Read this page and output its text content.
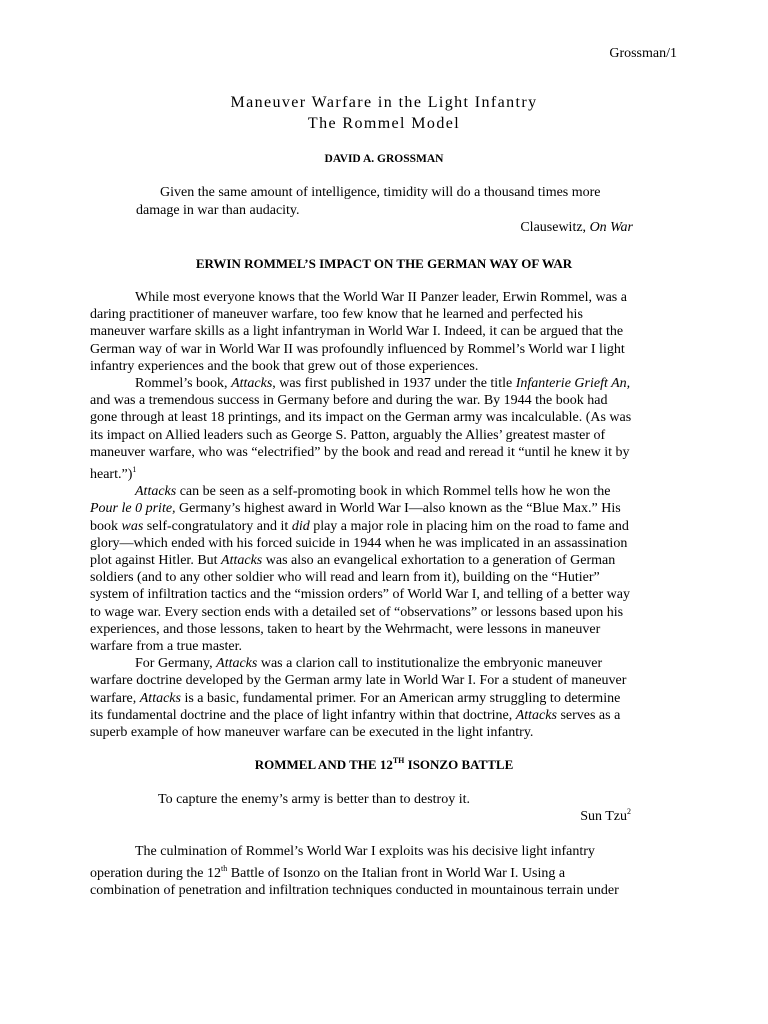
Grossman/1
Maneuver Warfare in the Light Infantry
The Rommel Model
DAVID A. GROSSMAN
Given the same amount of intelligence, timidity will do a thousand times more
damage in war than audacity.
Clausewitz, On War
ERWIN ROMMEL’S IMPACT ON THE GERMAN WAY OF WAR

While most everyone knows that the World War II Panzer leader, Erwin Rommel, was a
daring practitioner of maneuver warfare, too few know that he learned and perfected his
maneuver warfare skills as a light infantryman in World War I. Indeed, it can be argued that the
German way of war in World War II was profoundly influenced by Rommel’s World war I light
infantry experiences and the book that grew out of those experiences.

Rommel’s book, Attacks, was first published in 1937 under the title Infanterie Grieft An,
and was a tremendous success in Germany before and during the war. By 1944 the book had
gone through at least 18 printings, and its impact on the German army was incalculable. (As was
its impact on Allied leaders such as George S. Patton, arguably the Allies’ greatest master of
maneuver warfare, who was “electrified” by the book and read and reread it “until he knew it by
heart.”)$^1$

Attacks can be seen as a self-promoting book in which Rommel tells how he won the
Pour le 0 prite, Germany’s highest award in World War I—also known as the “Blue Max.” His
book was self-congratulatory and it did play a major role in placing him on the road to fame and
glory—which ended with his forced suicide in 1944 when he was implicated in an assassination
plot against Hitler. But Attacks was also an evangelical exhortation to a generation of German
soldiers (and to any other soldier who will read and learn from it), building on the “Hutier”
system of infiltration tactics and the “mission orders” of World War I, and telling of a better way
to wage war. Every section ends with a detailed set of “observations” or lessons based upon his
experiences, and those lessons, taken to heart by the Wehrmacht, were lessons in maneuver
warfare from a true master.

For Germany, Attacks was a clarion call to institutionalize the embryonic maneuver
warfare doctrine developed by the German army late in World War I. For a student of maneuver
warfare, Attacks is a basic, fundamental primer. For an American army struggling to determine
its fundamental doctrine and the place of light infantry within that doctrine, Attacks serves as a
superb example of how maneuver warfare can be executed in the light infantry.

ROMMEL AND THE 12TH ISONZO BATTLE
To capture the enemy’s army is better than to destroy it.
Sun Tzu$^2$

The culmination of Rommel’s World War I exploits was his decisive light infantry
operation during the 12th Battle of Isonzo on the Italian front in World War I. Using a
combination of penetration and infiltration techniques conducted in mountainous terrain under
